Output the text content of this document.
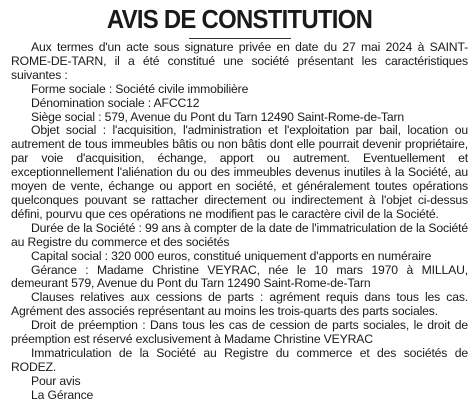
AVIS DE CONSTITUTION

Aux termes d'un acte sous signature privée en date du 27 mai 2024 à SAINT-ROME-DE-TARN, il a été constitué une société présentant les caractéristiques suivantes :

Forme sociale : Société civile immobilière

Dénomination sociale : AFCC12

Siège social : 579, Avenue du Pont du Tarn 12490 Saint-Rome-de-Tarn

Objet social : l'acquisition, l'administration et l'exploitation par bail, location ou autrement de tous immeubles bâtis ou non bâtis dont elle pourrait devenir propriétaire, par voie d'acquisition, échange, apport ou autrement. Eventuellement et exceptionnellement l'aliénation du ou des immeubles devenus inutiles à la Société, au moyen de vente, échange ou apport en société, et généralement toutes opérations quelconques pouvant se rattacher directement ou indirectement à l'objet ci-dessus défini, pourvu que ces opérations ne modifient pas le caractère civil de la Société.

Durée de la Société : 99 ans à compter de la date de l'immatriculation de la Société au Registre du commerce et des sociétés

Capital social : 320 000 euros, constitué uniquement d'apports en numéraire

Gérance : Madame Christine VEYRAC, née le 10 mars 1970 à MILLAU, demeurant 579, Avenue du Pont du Tarn 12490 Saint-Rome-de-Tarn

Clauses relatives aux cessions de parts : agrément requis dans tous les cas. Agrément des associés représentant au moins les trois-quarts des parts sociales.

Droit de préemption : Dans tous les cas de cession de parts sociales, le droit de préemption est réservé exclusivement à Madame Christine VEYRAC

Immatriculation de la Société au Registre du commerce et des sociétés de RODEZ.

Pour avis

La Gérance
